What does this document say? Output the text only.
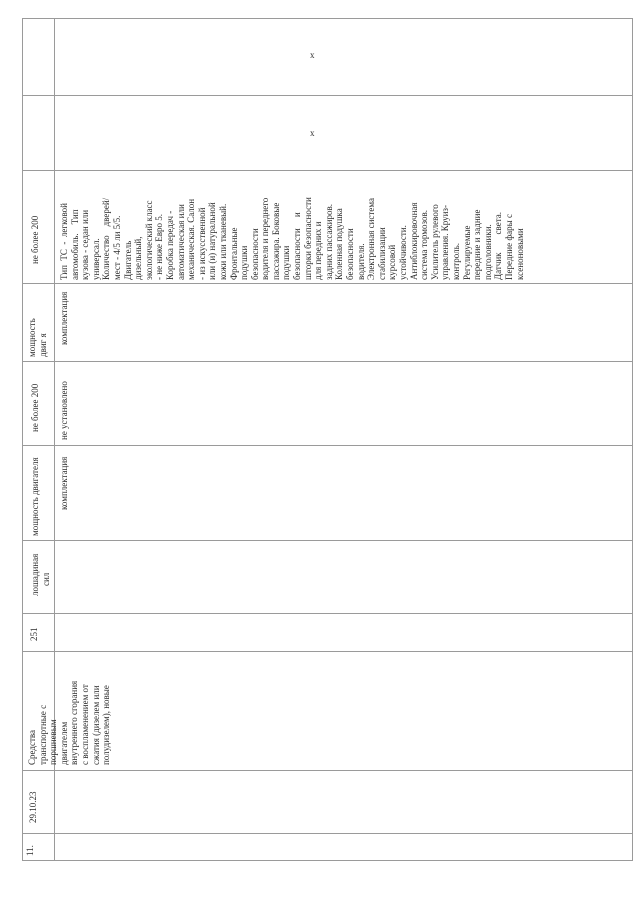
11.
29.10.23
Средства транспортные с поршневым двигателем внутреннего сгорания с воспламенением от сжатия (дизелем или полудизелем), новые
251
лошадиная сил
мощность двигателя комплектация
не более 200 не установлено
мощность двиг я
комплектация
не более 200 Тип  ТС  -  легковой автомобиль.    Тип кузова - седан или универсал. Количество    дверей/ мест - 4/5 ли 5/5. Двигатель дизельный, экологический класс - не ниже Евро 5. Коробка передач - автоматическая или механическая. Салон - из искусственной или (и) натуральной кожи или тканевый. Фронтальные подушки безопасности водителя и переднего пассажира. Боковые подушки безопасности     и шторки безопасности для передних и задних пассажиров. Коленная подушка безопасности водителя. Электронная система стабилизации курсовой устойчивости. Антиблокировочная система тормозов. Усилитель рулевого управления. Круиз- контроль. Регулируемые передние и задние подголовники. Датчик        света. Передние фары с ксеноновыми
x
x
